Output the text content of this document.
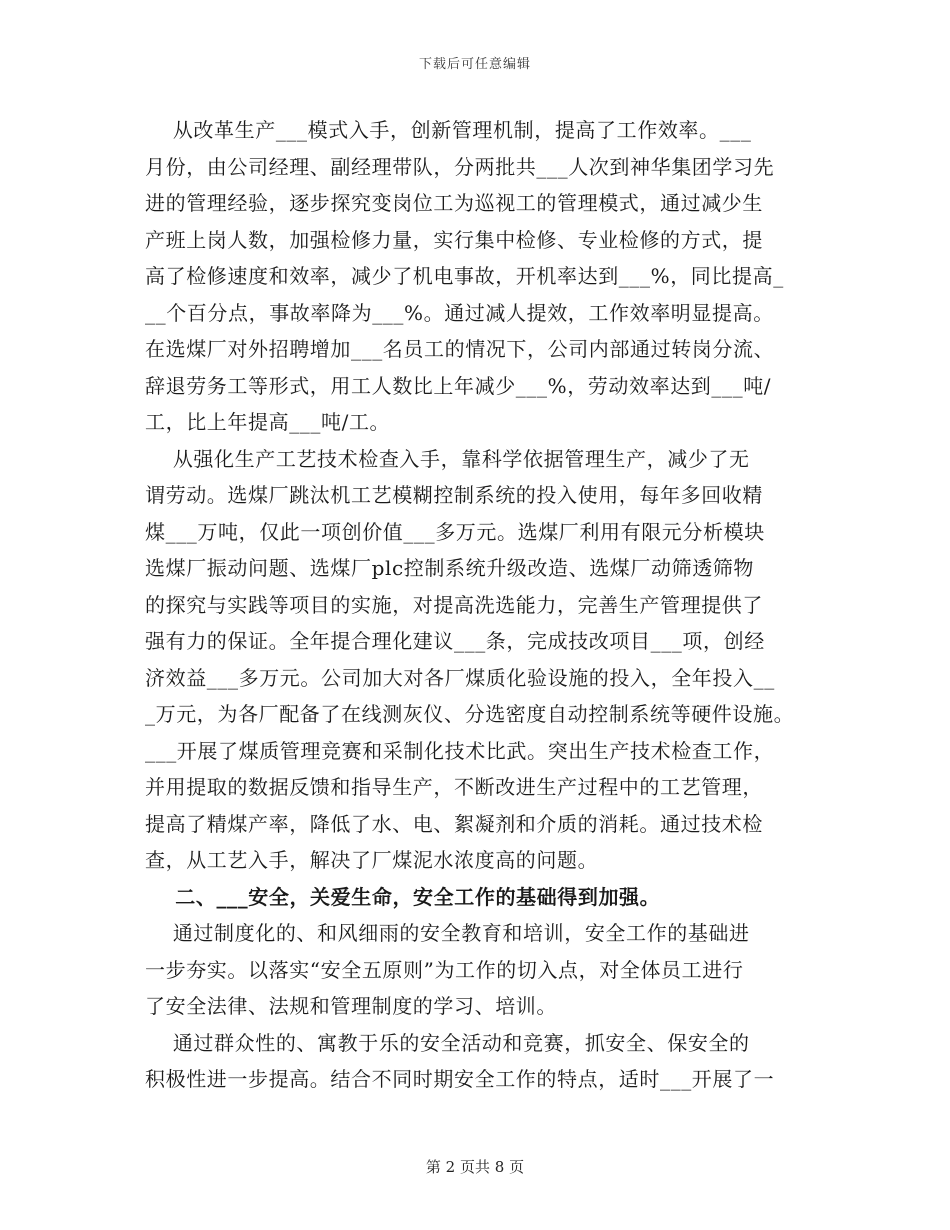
下载后可任意编辑
从改革生产___模式入手，创新管理机制，提高了工作效率。___
月份，由公司经理、副经理带队，分两批共___人次到神华集团学习先
进的管理经验，逐步探究变岗位工为巡视工的管理模式，通过减少生
产班上岗人数，加强检修力量，实行集中检修、专业检修的方式，提
高了检修速度和效率，减少了机电事故，开机率达到___%，同比提高_
__个百分点，事故率降为___%。通过减人提效，工作效率明显提高。
在选煤厂对外招聘增加___名员工的情况下，公司内部通过转岗分流、
辞退劳务工等形式，用工人数比上年减少___%，劳动效率达到___吨/
工，比上年提高___吨/工。
从强化生产工艺技术检查入手，靠科学依据管理生产，减少了无
谓劳动。选煤厂跳汰机工艺模糊控制系统的投入使用，每年多回收精
煤___万吨，仅此一项创价值___多万元。选煤厂利用有限元分析模块
选煤厂振动问题、选煤厂plc控制系统升级改造、选煤厂动筛透筛物
的探究与实践等项目的实施，对提高洗选能力，完善生产管理提供了
强有力的保证。全年提合理化建议___条，完成技改项目___项，创经
济效益___多万元。公司加大对各厂煤质化验设施的投入，全年投入__
_万元，为各厂配备了在线测灰仪、分选密度自动控制系统等硬件设施。
___开展了煤质管理竞赛和采制化技术比武。突出生产技术检查工作，
并用提取的数据反馈和指导生产，不断改进生产过程中的工艺管理，
提高了精煤产率，降低了水、电、絮凝剂和介质的消耗。通过技术检
查，从工艺入手，解决了厂煤泥水浓度高的问题。
二、___安全，关爱生命，安全工作的基础得到加强。
通过制度化的、和风细雨的安全教育和培训，安全工作的基础进
一步夯实。以落实“安全五原则”为工作的切入点，对全体员工进行
了安全法律、法规和管理制度的学习、培训。
通过群众性的、寓教于乐的安全活动和竞赛，抓安全、保安全的
积极性进一步提高。结合不同时期安全工作的特点，适时___开展了一
第 2 页共 8 页
